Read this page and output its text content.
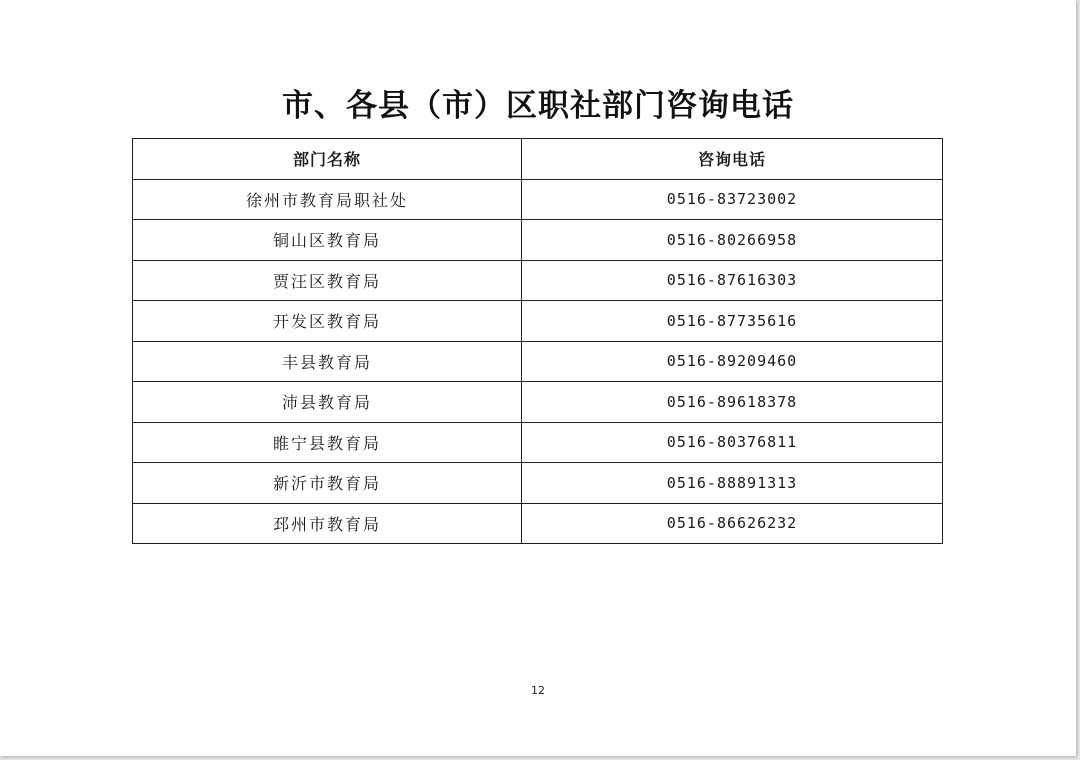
市、各县（市）区职社部门咨询电话
部门名称	咨询电话
徐州市教育局职社处	0516-83723002
铜山区教育局	0516-80266958
贾汪区教育局	0516-87616303
开发区教育局	0516-87735616
丰县教育局	0516-89209460
沛县教育局	0516-89618378
睢宁县教育局	0516-80376811
新沂市教育局	0516-88891313
邳州市教育局	0516-86626232
12
